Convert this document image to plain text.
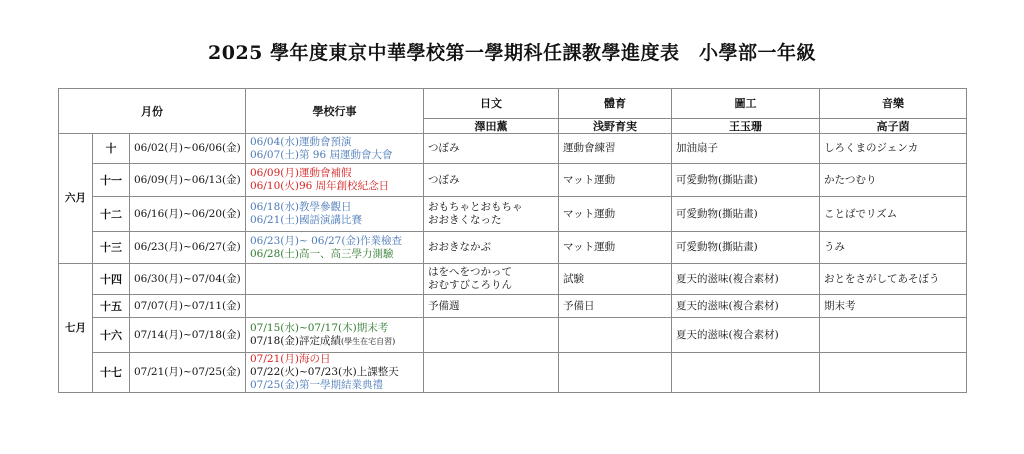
2025 學年度東京中華學校第一學期科任課教學進度表　小學部一年級
月份			學校行事	日文	體育	圖工	音樂
				澤田薫	浅野育実	王玉珊	高子茵
六月	十	06/02(月)~06/06(金)	06/04(水)運動會預演
06/07(土)第 96 屆運動會大會	つぼみ	運動會練習	加油扇子	しろくまのジェンカ
	十一	06/09(月)~06/13(金)	06/09(月)運動會補假
06/10(火)96 周年創校紀念日	つぼみ	マット運動	可愛動物(撕貼畫)	かたつむり
	十二	06/16(月)~06/20(金)	06/18(水)教學參觀日
06/21(土)國語演講比賽	おもちゃとおもちゃ
おおきくなった	マット運動	可愛動物(撕貼畫)	ことばでリズム
	十三	06/23(月)~06/27(金)	06/23(月)~ 06/27(金)作業檢查
06/28(土)高一、高三學力測驗	おおきなかぶ	マット運動	可愛動物(撕貼畫)	うみ
七月	十四	06/30(月)~07/04(金)		はをへをつかって
おむすびころりん	試験	夏天的滋味(複合素材)	おとをさがしてあそぼう
	十五	07/07(月)~07/11(金)		予備週	予備日	夏天的滋味(複合素材)	期末考
	十六	07/14(月)~07/18(金)	07/15(水)~07/17(木)期末考
07/18(金)評定成績(學生在宅自習)			夏天的滋味(複合素材)	
	十七	07/21(月)~07/25(金)	07/21(月)海の日
07/22(火)~07/23(水)上課整天
07/25(金)第一學期結業典禮				
